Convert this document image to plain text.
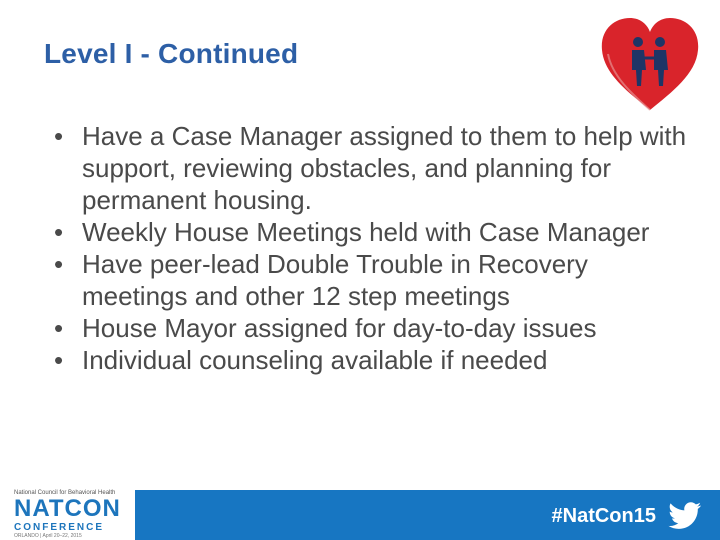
Level I - Continued
• Have a Case Manager assigned to them to help with support, reviewing obstacles, and planning for permanent housing.
• Weekly House Meetings held with Case Manager
• Have peer-lead Double Trouble in Recovery meetings and other 12 step meetings
• House Mayor assigned for day-to-day issues
• Individual counseling available if needed
National Council for Behavioral Health
NATCON
CONFERENCE
ORLANDO | April 20–22, 2015
#NatCon15
